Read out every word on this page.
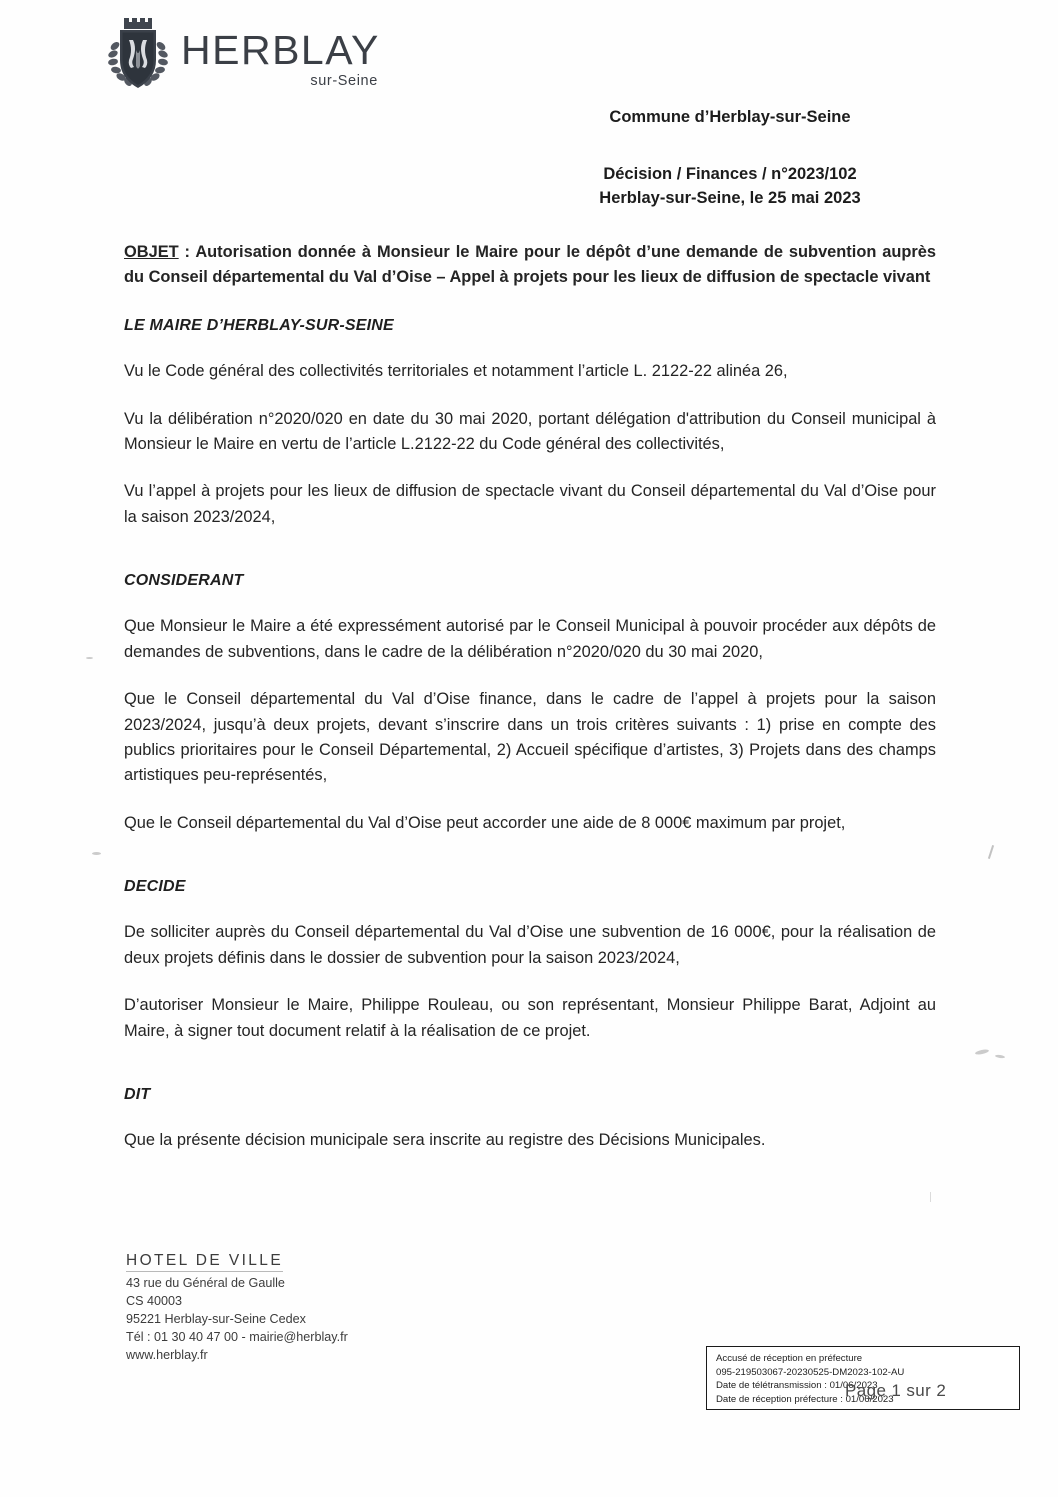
HERBLAY
sur-Seine
Commune d’Herblay-sur-Seine
Décision / Finances / n°2023/102
Herblay-sur-Seine, le 25 mai 2023

OBJET : Autorisation donnée à Monsieur le Maire pour le dépôt d’une demande de subvention auprès du Conseil départemental du Val d’Oise – Appel à projets pour les lieux de diffusion de spectacle vivant

LE MAIRE D’HERBLAY-SUR-SEINE

Vu le Code général des collectivités territoriales et notamment l’article L. 2122-22 alinéa 26,

Vu la délibération n°2020/020 en date du 30 mai 2020, portant délégation d'attribution du Conseil municipal à Monsieur le Maire en vertu de l’article L.2122-22 du Code général des collectivités,

Vu l’appel à projets pour les lieux de diffusion de spectacle vivant du Conseil départemental du Val d’Oise pour la saison 2023/2024,

CONSIDERANT

Que Monsieur le Maire a été expressément autorisé par le Conseil Municipal à pouvoir procéder aux dépôts de demandes de subventions, dans le cadre de la délibération n°2020/020 du 30 mai 2020,

Que le Conseil départemental du Val d’Oise finance, dans le cadre de l’appel à projets pour la saison 2023/2024, jusqu’à deux projets, devant s’inscrire dans un trois critères suivants : 1) prise en compte des publics prioritaires pour le Conseil Départemental, 2) Accueil spécifique d’artistes, 3) Projets dans des champs artistiques peu-représentés,

Que le Conseil départemental du Val d’Oise peut accorder une aide de 8 000€ maximum par projet,

DECIDE

De solliciter auprès du Conseil départemental du Val d’Oise une subvention de 16 000€, pour la réalisation de deux projets définis dans le dossier de subvention pour la saison 2023/2024,

D’autoriser Monsieur le Maire, Philippe Rouleau, ou son représentant, Monsieur Philippe Barat, Adjoint au Maire, à signer tout document relatif à la réalisation de ce projet.

DIT

Que la présente décision municipale sera inscrite au registre des Décisions Municipales.

HOTEL DE VILLE
43 rue du Général de Gaulle
CS 40003
95221 Herblay-sur-Seine Cedex
Tél : 01 30 40 47 00 - mairie@herblay.fr
www.herblay.fr	Accusé de réception en préfecture
095-219503067-20230525-DM2023-102-AU
Date de télétransmission : 01/06/2023
Date de réception préfecture : 01/06/2023
Page 1 sur 2
